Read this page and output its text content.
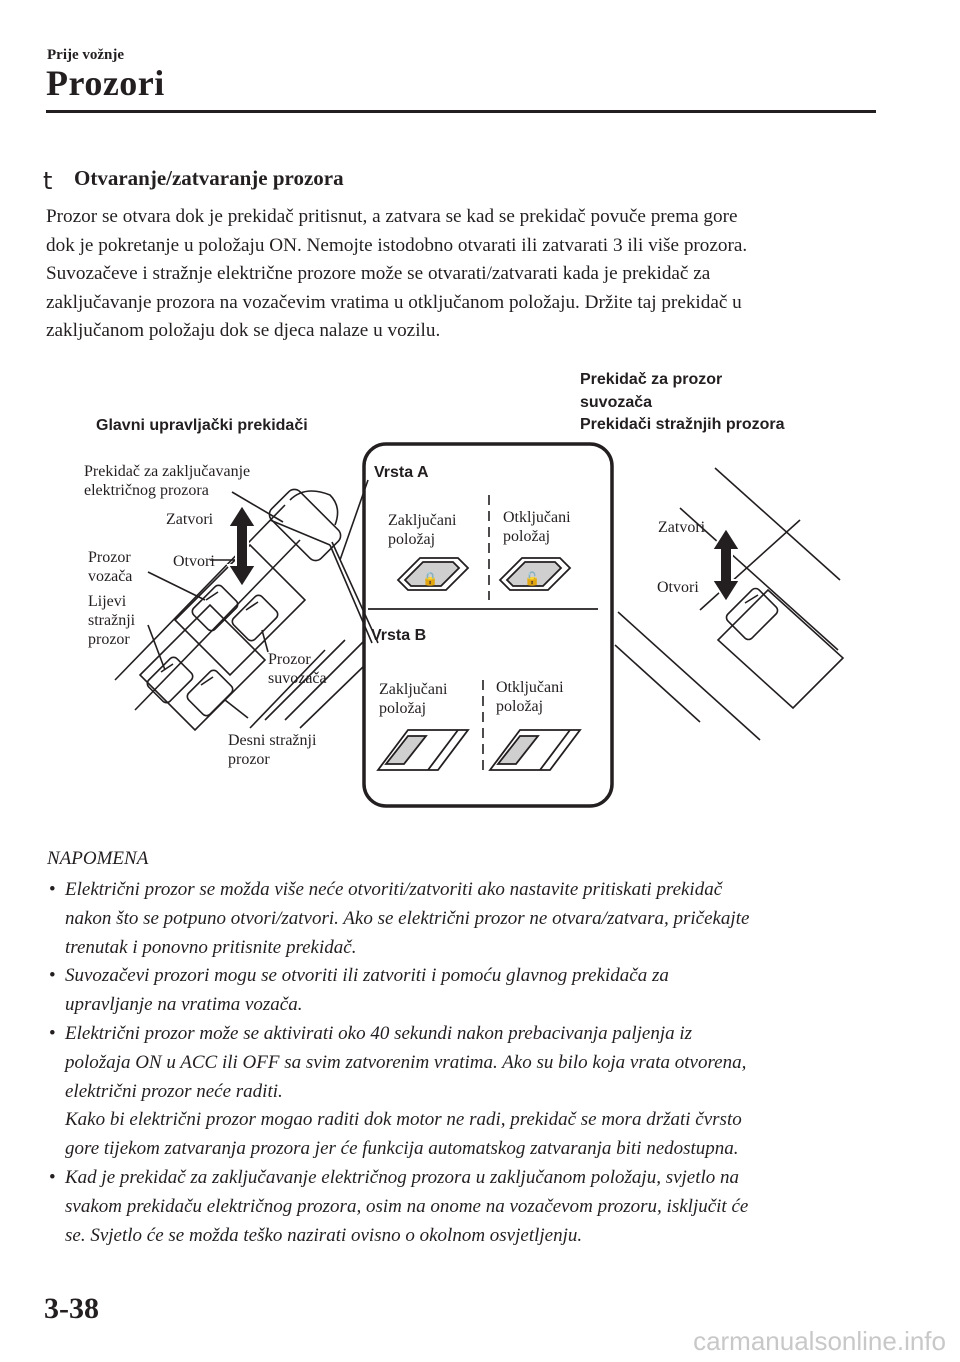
Prije vožnje
Prozori
t Otvaranje/zatvaranje prozora

Prozor se otvara dok je prekidač pritisnut, a zatvara se kad se prekidač povuče prema gore

dok je pokretanje u položaju ON. Nemojte istodobno otvarati ili zatvarati 3 ili više prozora.

Suvozačeve i stražnje električne prozore može se otvarati/zatvarati kada je prekidač za

zaključavanje prozora na vozačevim vratima u otključanom položaju. Držite taj prekidač u

zaključanom položaju dok se djeca nalaze u vozilu.

🔒	🔓
Glavni upravljački prekidači
Prekidač za prozor
suvozača
Prekidači stražnjih prozora
Prekidač za zaključavanje
električnog prozora
Zatvori
Otvori
Prozor
vozača
Lijevi
stražnji
prozor
Prozor
suvozača
Desni stražnji
prozor
Vrsta A
Zaključani
položaj
Otključani
položaj
Vrsta B
Zaključani
položaj
Otključani
položaj
Zatvori
Otvori
NAPOMENA
• Električni prozor se možda više neće otvoriti/zatvoriti ako nastavite pritiskati prekidač
nakon što se potpuno otvori/zatvori. Ako se električni prozor ne otvara/zatvara, pričekajte
trenutak i ponovno pritisnite prekidač.
• Suvozačevi prozori mogu se otvoriti ili zatvoriti i pomoću glavnog prekidača za
upravljanje na vratima vozača.
• Električni prozor može se aktivirati oko 40 sekundi nakon prebacivanja paljenja iz
položaja ON u ACC ili OFF sa svim zatvorenim vratima. Ako su bilo koja vrata otvorena,
električni prozor neće raditi.
Kako bi električni prozor mogao raditi dok motor ne radi, prekidač se mora držati čvrsto
gore tijekom zatvaranja prozora jer će funkcija automatskog zatvaranja biti nedostupna.
• Kad je prekidač za zaključavanje električnog prozora u zaključanom položaju, svjetlo na
svakom prekidaču električnog prozora, osim na onome na vozačevom prozoru, isključit će
se. Svjetlo će se možda teško nazirati ovisno o okolnom osvjetljenju.
3-38
carmanualsonline.info
